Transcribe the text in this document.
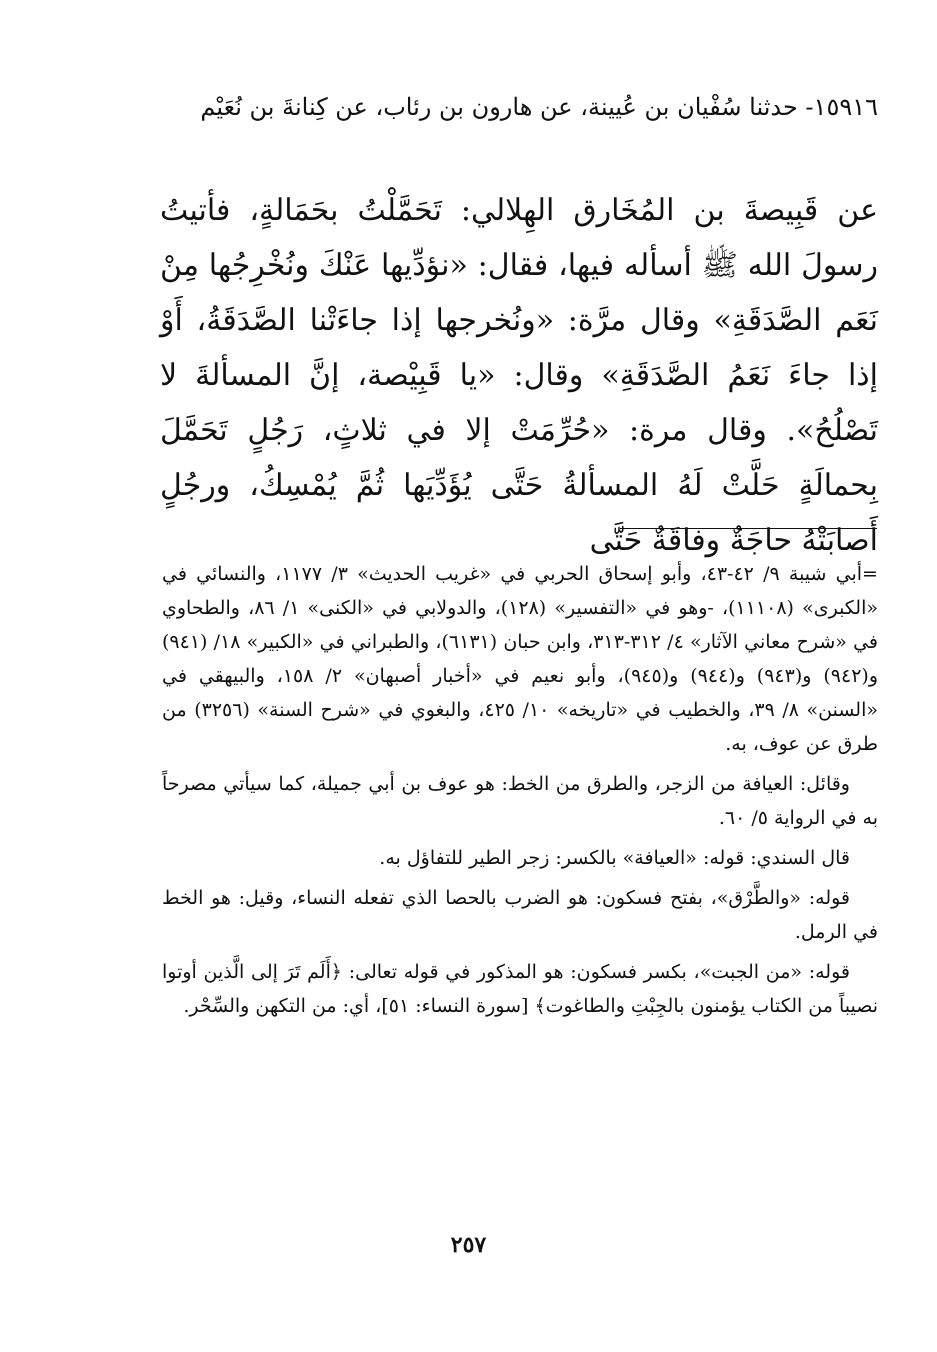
١٥٩١٦- حدثنا سُفْيان بن عُيينة، عن هارون بن رئاب، عن كِنانةَ بن نُعَيْم

عن قَبِيصةَ بن المُخَارق الهِلالي: تَحَمَّلْتُ بحَمَالةٍ، فأتيتُ رسولَ الله ﷺ أسأله فيها، فقال: «نؤدِّيها عَنْكَ ونُخْرِجُها مِنْ نَعَم الصَّدَقَةِ» وقال مرَّة: «ونُخرجها إذا جاءَتْنا الصَّدَقَةُ، أَوْ إذا جاءَ نَعَمُ الصَّدَقَةِ» وقال: «يا قَبِيْصة، إنَّ المسألةَ لا تَصْلُحُ». وقال مرة: «حُرِّمَتْ إلا في ثلاثٍ، رَجُلٍ تَحَمَّلَ بِحمالَةٍ حَلَّتْ لَهُ المسألةُ حَتَّى يُؤَدِّيَها ثُمَّ يُمْسِكُ، ورجُلٍ أَصابَتْهُ حاجَةٌ وفاقَةٌ حَتَّى

=أبي شيبة ٩/ ٤٢-٤٣، وأبو إسحاق الحربي في «غريب الحديث» ٣/ ١١٧٧، والنسائي في «الكبرى» (١١١٠٨)، -وهو في «التفسير» (١٢٨)، والدولابي في «الكنى» ١/ ٨٦، والطحاوي في «شرح معاني الآثار» ٤/ ٣١٢-٣١٣، وابن حبان (٦١٣١)، والطبراني في «الكبير» ١٨/ (٩٤١) و(٩٤٢) و(٩٤٣) و(٩٤٤) و(٩٤٥)، وأبو نعيم في «أخبار أصبهان» ٢/ ١٥٨، والبيهقي في «السنن» ٨/ ٣٩، والخطيب في «تاريخه» ١٠/ ٤٢٥، والبغوي في «شرح السنة» (٣٢٥٦) من طرق عن عوف، به.

وقائل: العيافة من الزجر، والطرق من الخط: هو عوف بن أبي جميلة، كما سيأتي مصرحاً به في الرواية ٥/ ٦٠.

قال السندي: قوله: «العيافة» بالكسر: زجر الطير للتفاؤل به.

قوله: «والطَّرْق»، بفتح فسكون: هو الضرب بالحصا الذي تفعله النساء، وقيل: هو الخط في الرمل.

قوله: «من الجبت»، بكسر فسكون: هو المذكور في قوله تعالى: ﴿أَلَم تَرَ إلى الَّذين أوتوا نصيباً من الكتاب يؤمنون بالجِبْتِ والطاغوت﴾ [سورة النساء: ٥١]، أي: من التكهن والسِّحْر.

٢٥٧
